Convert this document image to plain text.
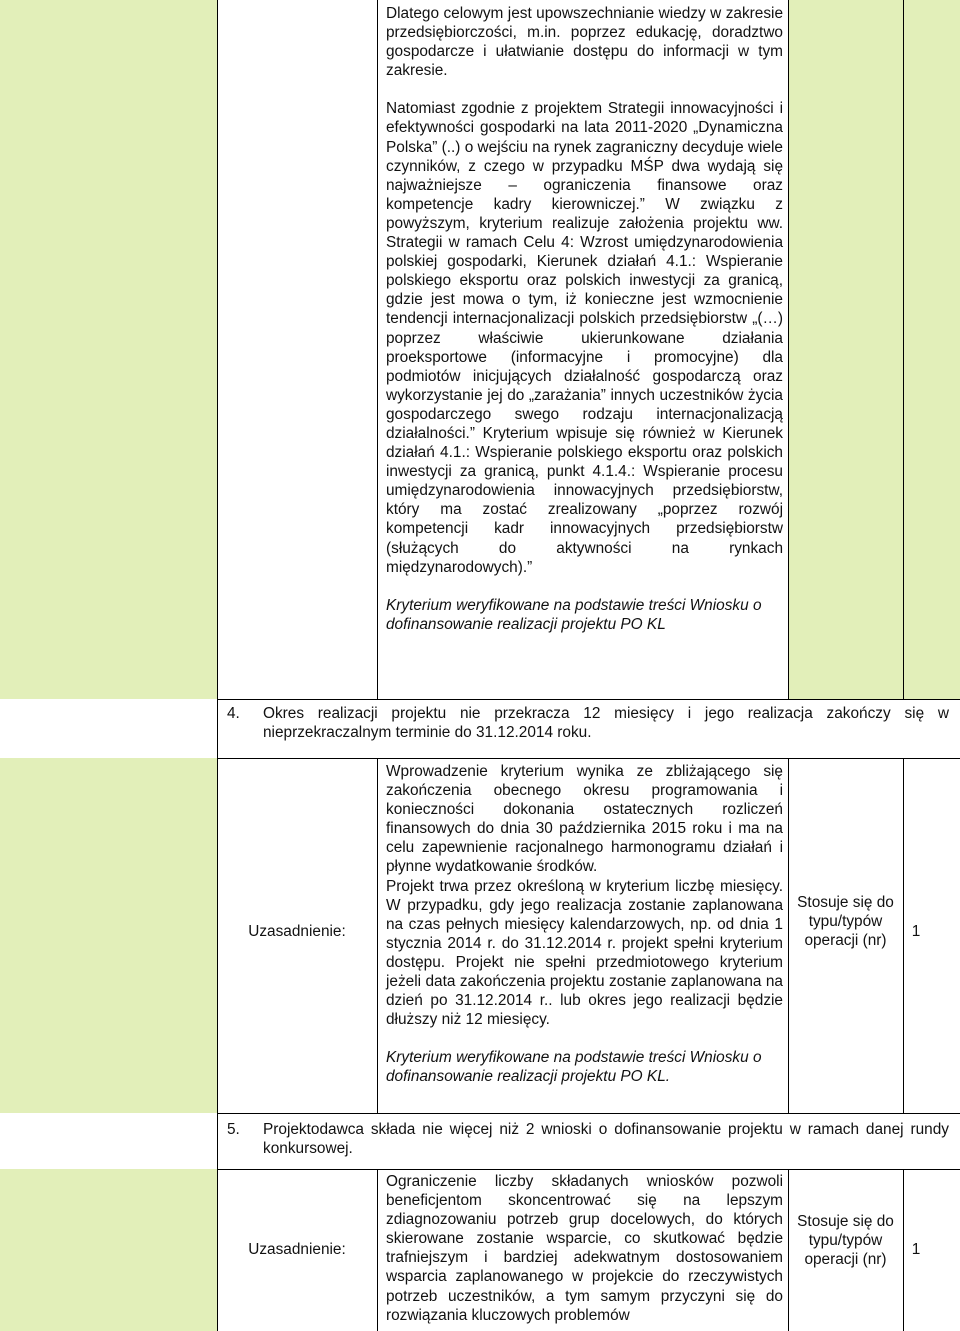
Dlatego celowym jest upowszechnianie wiedzy w zakresie przedsiębiorczości, m.in. poprzez edukację, doradztwo gospodarcze i ułatwianie dostępu do informacji w tym zakresie.

Natomiast zgodnie z projektem Strategii innowacyjności i efektywności gospodarki na lata 2011-2020 „Dynamiczna Polska” (..) o wejściu na rynek zagraniczny decyduje wiele czynników, z czego w przypadku MŚP dwa wydają się najważniejsze – ograniczenia finansowe oraz kompetencje kadry kierowniczej.” W związku z powyższym, kryterium realizuje założenia projektu ww. Strategii w ramach Celu 4: Wzrost umiędzynarodowienia polskiej gospodarki, Kierunek działań 4.1.: Wspieranie polskiego eksportu oraz polskich inwestycji za granicą, gdzie jest mowa o tym, iż konieczne jest wzmocnienie tendencji internacjonalizacji polskich przedsiębiorstw „(…) poprzez właściwie ukierunkowane działania proeksportowe (informacyjne i promocyjne) dla podmiotów inicjujących działalność gospodarczą oraz wykorzystanie jej do „zarażania” innych uczestników życia gospodarczego swego rodzaju internacjonalizacją działalności.” Kryterium wpisuje się również w Kierunek działań 4.1.: Wspieranie polskiego eksportu oraz polskich inwestycji za granicą, punkt 4.1.4.: Wspieranie procesu umiędzynarodowienia innowacyjnych przedsiębiorstw, który ma zostać zrealizowany „poprzez rozwój kompetencji kadr innowacyjnych przedsiębiorstw (służących do aktywności na rynkach międzynarodowych).”

Kryterium weryfikowane na podstawie treści Wniosku o dofinansowanie realizacji projektu PO KL

4. Okres realizacji projektu nie przekracza 12 miesięcy i jego realizacja zakończy się w nieprzekraczalnym terminie do 31.12.2014 roku.
Uzasadnienie:

Wprowadzenie kryterium wynika ze zbliżającego się zakończenia obecnego okresu programowania i konieczności dokonania ostatecznych rozliczeń finansowych do dnia 30 października 2015 roku i ma na celu zapewnienie racjonalnego harmonogramu działań i płynne wydatkowanie środków.

Projekt trwa przez określoną w kryterium liczbę miesięcy. W przypadku, gdy jego realizacja zostanie zaplanowana na czas pełnych miesięcy kalendarzowych, np. od dnia 1 stycznia 2014 r. do 31.12.2014 r. projekt spełni kryterium dostępu. Projekt nie spełni przedmiotowego kryterium jeżeli data zakończenia projektu zostanie zaplanowana na dzień po 31.12.2014 r.. lub okres jego realizacji będzie dłuższy niż 12 miesięcy.

Kryterium weryfikowane na podstawie treści Wniosku o dofinansowanie realizacji projektu PO KL.

Stosuje się do typu/typów operacji (nr)
1
5. Projektodawca składa nie więcej niż 2 wnioski o dofinansowanie projektu w ramach danej rundy konkursowej.
Uzasadnienie:

Ograniczenie liczby składanych wniosków pozwoli beneficjentom skoncentrować się na lepszym zdiagnozowaniu potrzeb grup docelowych, do których skierowane zostanie wsparcie, co skutkować będzie trafniejszym i bardziej adekwatnym dostosowaniem wsparcia zaplanowanego w projekcie do rzeczywistych potrzeb uczestników, a tym samym przyczyni się do rozwiązania kluczowych problemów

Stosuje się do typu/typów operacji (nr)
1
